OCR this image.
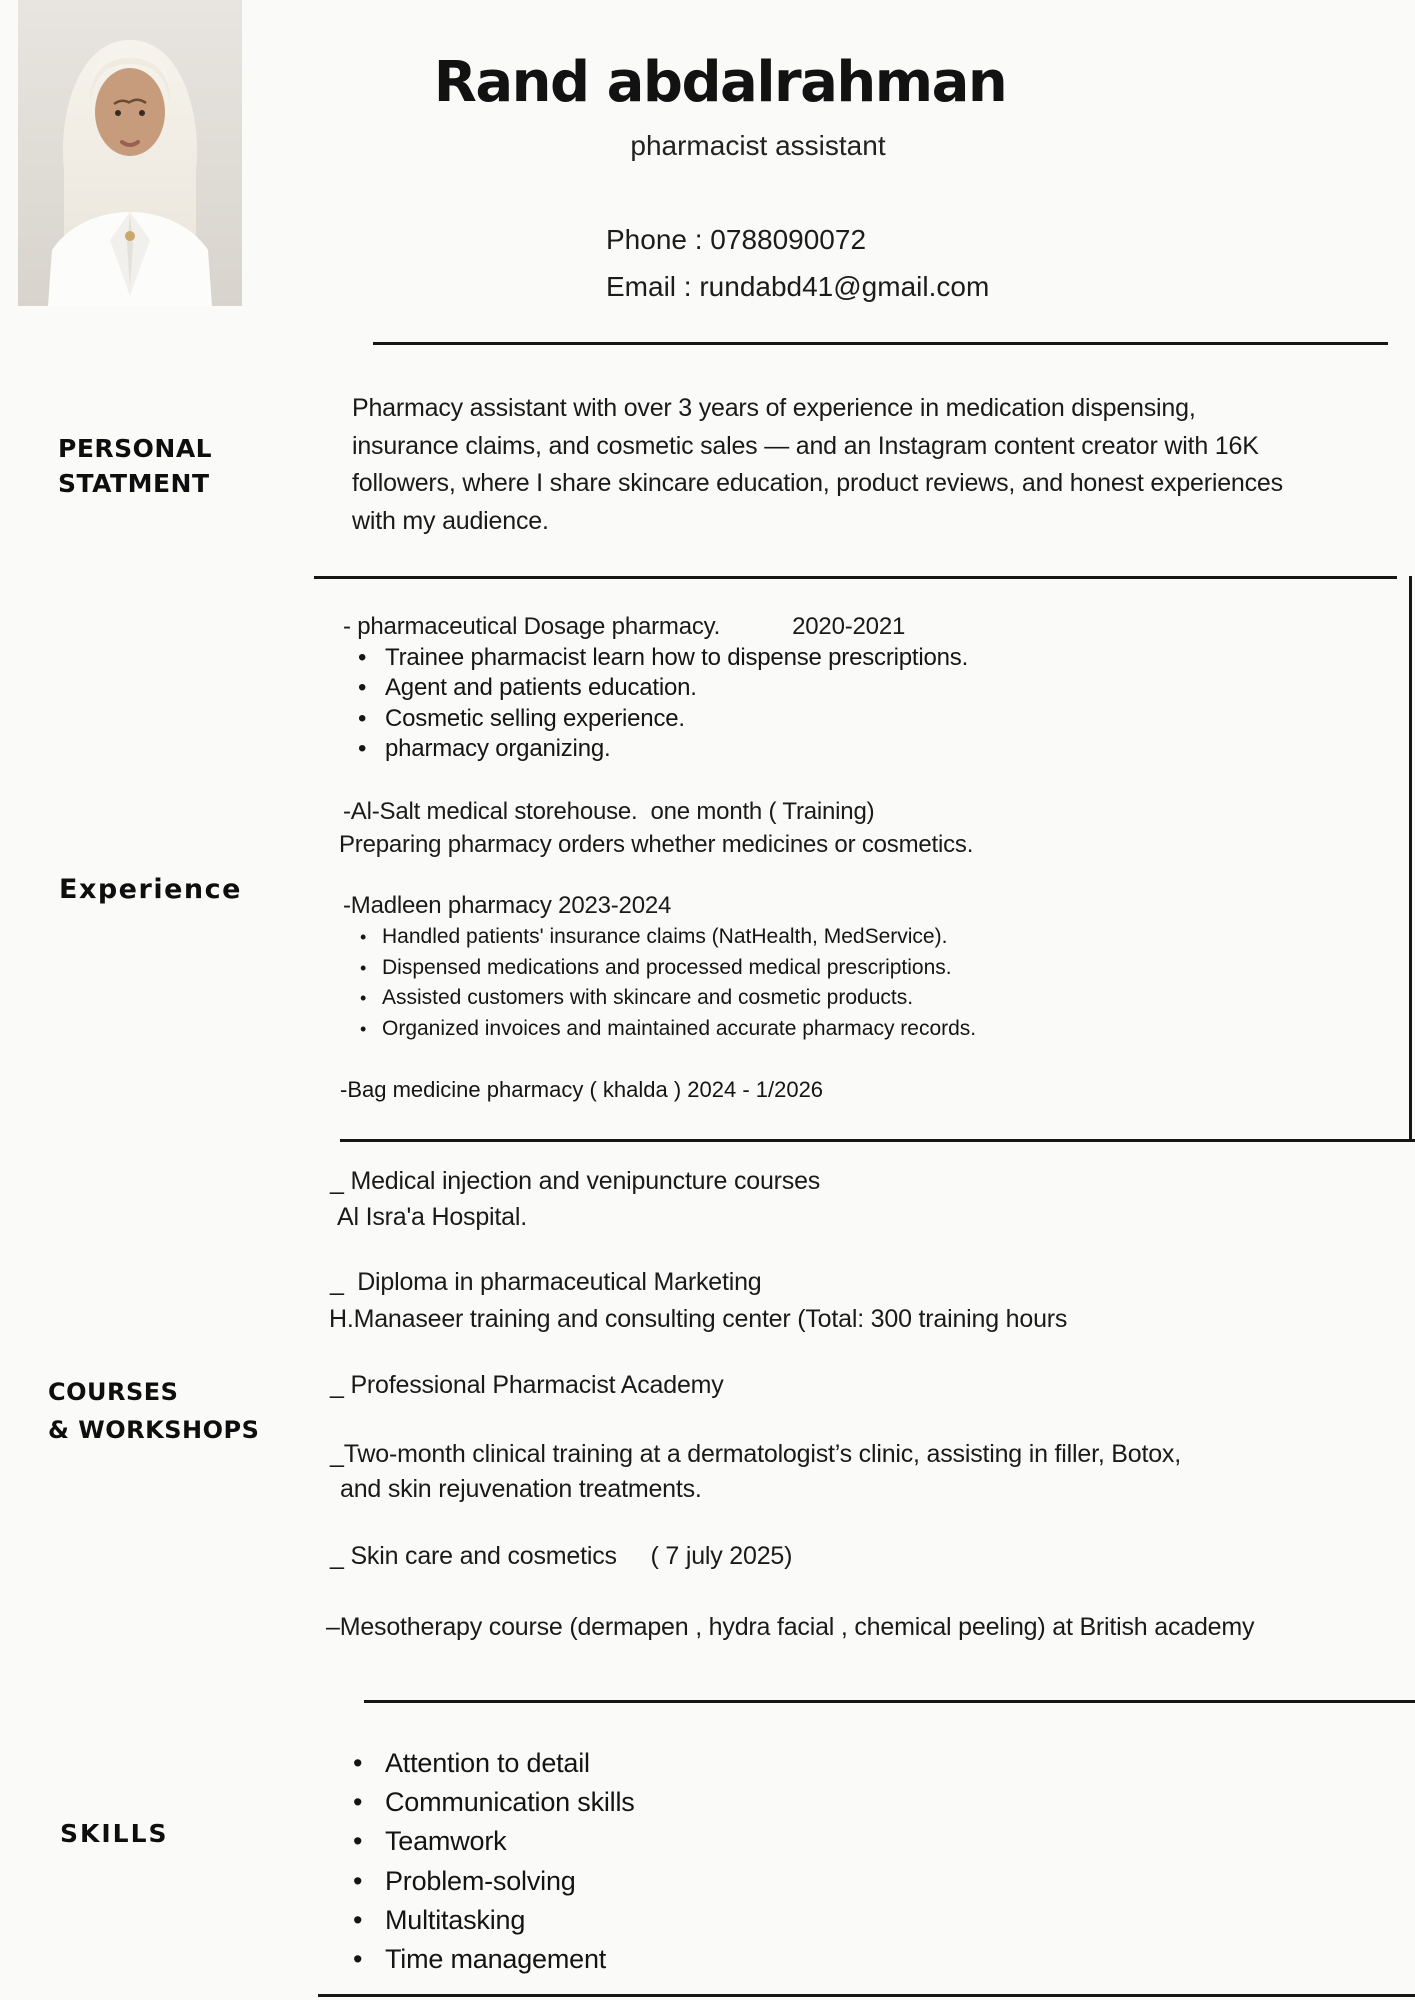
Rand abdalrahman
pharmacist assistant
Phone : 0788090072
Email : rundabd41@gmail.com
PERSONAL
STATMENT
Pharmacy assistant with over 3 years of experience in medication dispensing,
insurance claims, and cosmetic sales — and an Instagram content creator with 16K
followers, where I share skincare education, product reviews, and honest experiences
with my audience.
Experience
- pharmaceutical Dosage pharmacy.	2020-2021
• Trainee pharmacist learn how to dispense prescriptions.
• Agent and patients education.
• Cosmetic selling experience.
• pharmacy organizing.
-Al-Salt medical storehouse.  one month ( Training)
Preparing pharmacy orders whether medicines or cosmetics.
-Madleen pharmacy 2023-2024
• Handled patients' insurance claims (NatHealth, MedService).
• Dispensed medications and processed medical prescriptions.
• Assisted customers with skincare and cosmetic products.
• Organized invoices and maintained accurate pharmacy records.
-Bag medicine pharmacy ( khalda ) 2024 - 1/2026
COURSES
& WORKSHOPS
_ Medical injection and venipuncture courses
Al Isra'a Hospital.
_  Diploma in pharmaceutical Marketing
H.Manaseer training and consulting center (Total: 300 training hours
_ Professional Pharmacist Academy
_Two-month clinical training at a dermatologist’s clinic, assisting in filler, Botox,
and skin rejuvenation treatments.
_ Skin care and cosmetics     ( 7 july 2025)
–Mesotherapy course (dermapen , hydra facial , chemical peeling) at British academy
SKILLS
• Attention to detail
• Communication skills
• Teamwork
• Problem-solving
• Multitasking
• Time management
